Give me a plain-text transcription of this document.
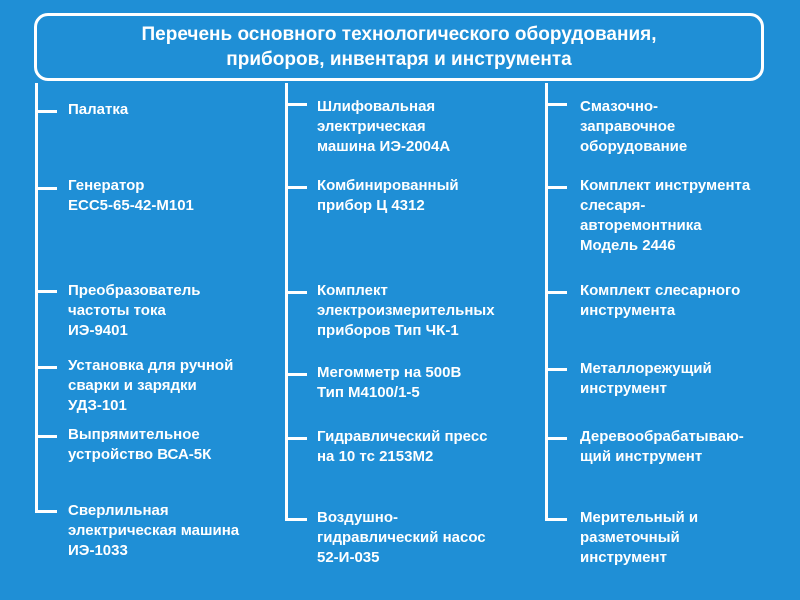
Перечень основного технологического оборудования,
приборов, инвентаря и инструмента
Палатка
Генератор
ЕСС5-65-42-М101
Преобразователь
частоты тока
ИЭ-9401
Установка для ручной
сварки и зарядки
УДЗ-101
Выпрямительное
устройство ВСА-5К
Сверлильная
электрическая машина
ИЭ-1033
Шлифовальная
электрическая
машина ИЭ-2004А
Комбинированный
прибор Ц 4312
Комплект
электроизмерительных
приборов Тип ЧК-1
Мегомметр на 500В
Тип М4100/1-5
Гидравлический пресс
на 10 тс 2153М2
Воздушно-
гидравлический насос
52-И-035
Смазочно-
заправочное
оборудование
Комплект инструмента
слесаря-
авторемонтника
Модель 2446
Комплект слесарного
инструмента
Металлорежущий
инструмент
Деревообрабатываю-
щий инструмент
Мерительный и
разметочный
инструмент
